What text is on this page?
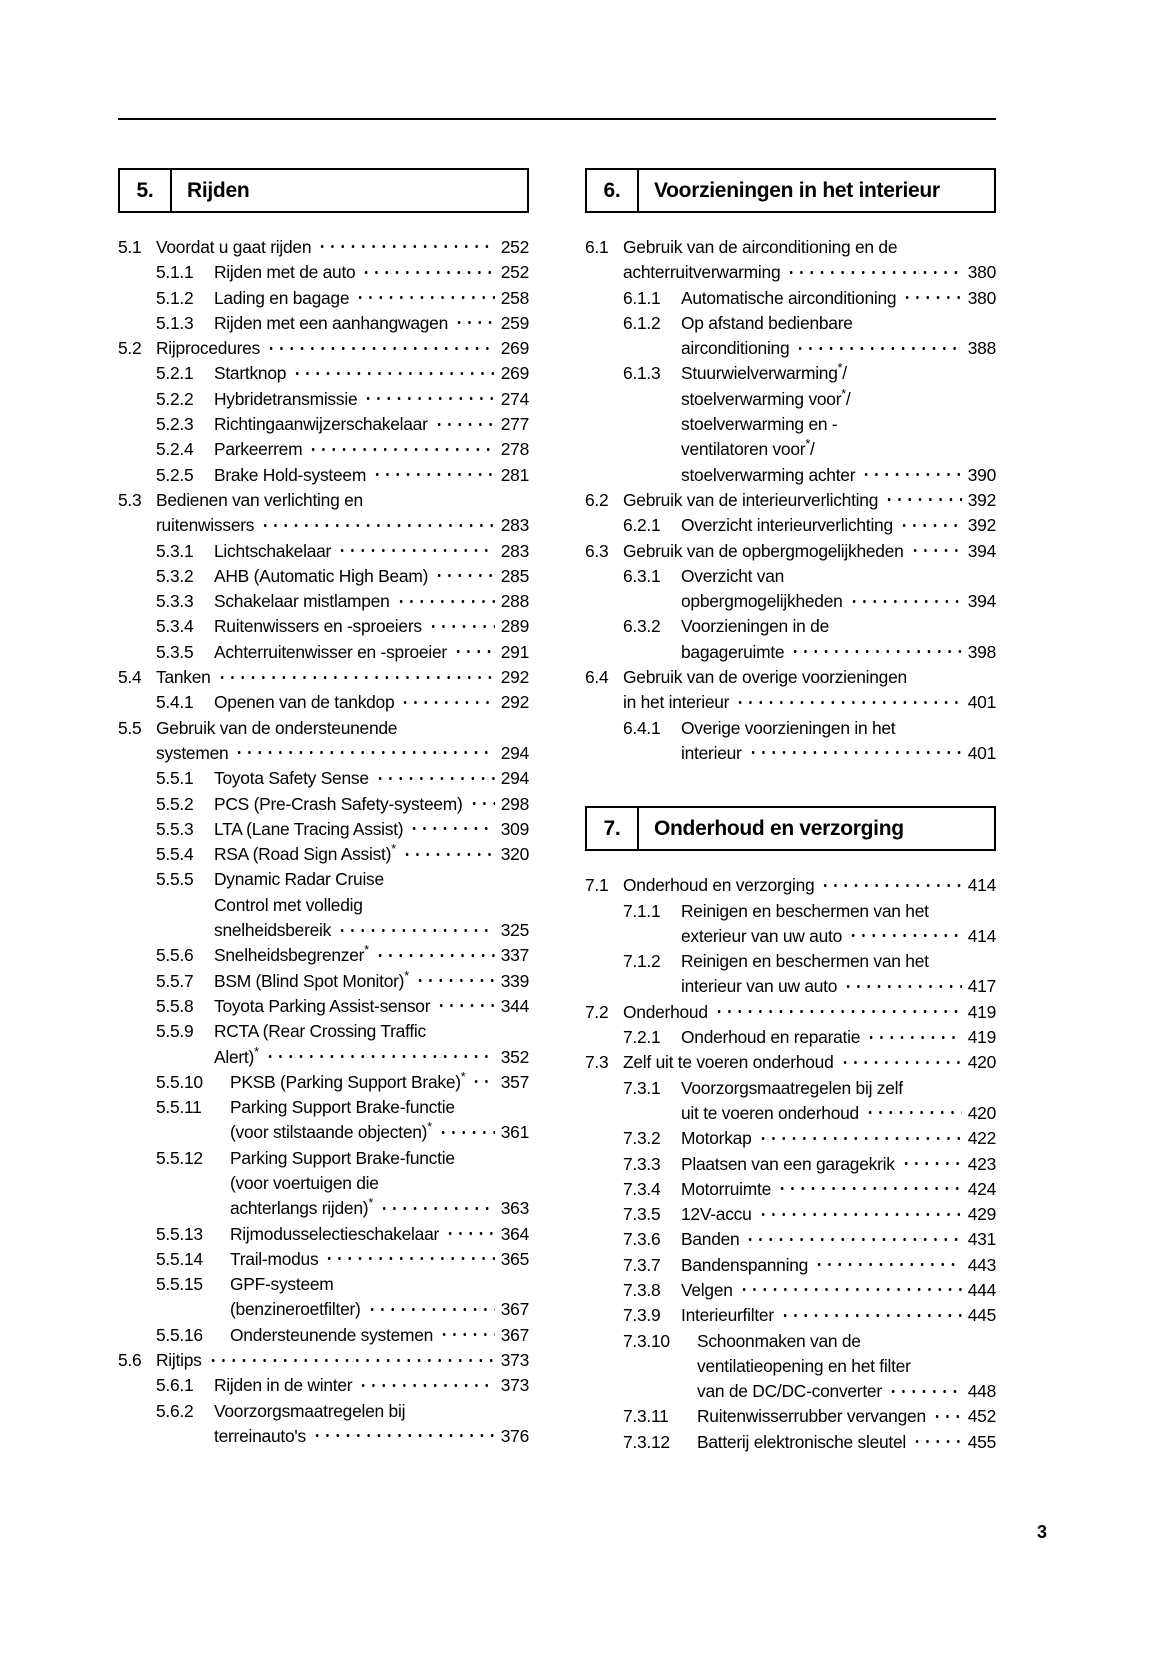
5.	Rijden
5.1 Voordat u gaat rijden	252
5.1.1	Rijden met de auto	252
5.1.2	Lading en bagage	258
5.1.3	Rijden met een aanhangwagen	259
5.2 Rijprocedures	269
5.2.1	Startknop	269
5.2.2	Hybridetransmissie	274
5.2.3	Richtingaanwijzerschakelaar	277
5.2.4	Parkeerrem	278
5.2.5	Brake Hold-systeem	281
5.3 Bedienen van verlichting en
ruitenwissers	283
5.3.1	Lichtschakelaar	283
5.3.2	AHB (Automatic High Beam)	285
5.3.3	Schakelaar mistlampen	288
5.3.4	Ruitenwissers en -sproeiers	289
5.3.5	Achterruitenwisser en -sproeier	291
5.4 Tanken	292
5.4.1	Openen van de tankdop	292
5.5 Gebruik van de ondersteunende
systemen	294
5.5.1	Toyota Safety Sense	294
5.5.2	PCS (Pre-Crash Safety-systeem) 298
5.5.3	LTA (Lane Tracing Assist)	309
5.5.4	RSA (Road Sign Assist)*	320
5.5.5	Dynamic Radar Cruise
Control met volledig
snelheidsbereik	325
5.5.6	Snelheidsbegrenzer*	337
5.5.7	BSM (Blind Spot Monitor)*	339
5.5.8	Toyota Parking Assist-sensor	344
5.5.9	RCTA (Rear Crossing Traffic
Alert)*	352
5.5.10	PKSB (Parking Support Brake)* 357
5.5.11	Parking Support Brake-functie
(voor stilstaande objecten)*	361
5.5.12	Parking Support Brake-functie
(voor voertuigen die
achterlangs rijden)*	363
5.5.13	Rijmodusselectieschakelaar	364
5.5.14	Trail-modus	365
5.5.15	GPF-systeem
(benzineroetfilter)	367
5.5.16	Ondersteunende systemen	367
5.6 Rijtips	373
5.6.1	Rijden in de winter	373
5.6.2	Voorzorgsmaatregelen bij
terreinauto's	376
6.	Voorzieningen in het interieur
6.1 Gebruik van de airconditioning en de
achterruitverwarming	380
6.1.1	Automatische airconditioning	380
6.1.2	Op afstand bedienbare
airconditioning	388
6.1.3	Stuurwielverwarming*/
stoelverwarming voor*/
stoelverwarming en -
ventilatoren voor*/
stoelverwarming achter	390
6.2 Gebruik van de interieurverlichting	392
6.2.1	Overzicht interieurverlichting	392
6.3 Gebruik van de opbergmogelijkheden	394
6.3.1	Overzicht van
opbergmogelijkheden	394
6.3.2	Voorzieningen in de
bagageruimte	398
6.4 Gebruik van de overige voorzieningen
in het interieur	401
6.4.1	Overige voorzieningen in het
interieur	401
7.	Onderhoud en verzorging
7.1 Onderhoud en verzorging	414
7.1.1	Reinigen en beschermen van het
exterieur van uw auto	414
7.1.2	Reinigen en beschermen van het
interieur van uw auto	417
7.2 Onderhoud	419
7.2.1	Onderhoud en reparatie	419
7.3 Zelf uit te voeren onderhoud	420
7.3.1	Voorzorgsmaatregelen bij zelf
uit te voeren onderhoud	420
7.3.2	Motorkap	422
7.3.3	Plaatsen van een garagekrik	423
7.3.4	Motorruimte	424
7.3.5	12V-accu	429
7.3.6	Banden	431
7.3.7	Bandenspanning	443
7.3.8	Velgen	444
7.3.9	Interieurfilter	445
7.3.10	Schoonmaken van de
ventilatieopening en het filter
van de DC/DC-converter	448
7.3.11	Ruitenwisserrubber vervangen 452
7.3.12	Batterij elektronische sleutel	455
3
